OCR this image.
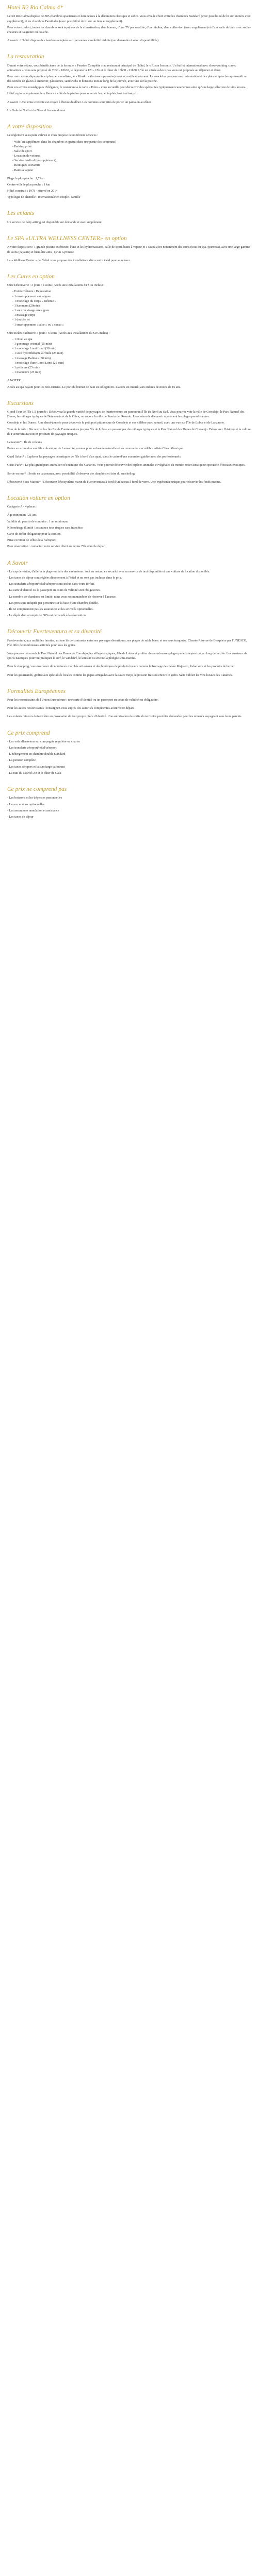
Hotel R2 Rio Calma 4*

Le R2 Rio Calma dispose de 385 chambres spacieuses et lumineuses à la décoration classique et sobre. Vous avez le choix entre les chambres Standard (avec possibilité de lit sur un tiers avec supplément), et les chambres Familiales (avec possibilité de lit sur un tiers et supplément).

Pour votre confort, toutes les chambres sont équipées de la climatisation, d'un bureau, d'une TV par satellite, d'un minibar, d'un coffre-fort (avec supplément) et d'une salle de bain avec sèche-cheveux et baignoire ou douche.

A savoir : L'hôtel dispose de chambres adaptées aux personnes à mobilité réduite (sur demande et selon disponibilités).

La restauration

Durant votre séjour, vous bénéficierez de la formule « Pension Complète » au restaurant principal de l'hôtel, le « Rossa Jensen ». Un buffet international avec show-cooking « avec animations » vous sera proposé de 7h30 - 10h30, le déjeuner à 12h - 15h et le dîner de 18h30 - 21h30. L'île est située à deux pas vous est proposée au déjeuner et dîner.

Pour une cuisine dépaysante et plus personnalisée, le « Kiosko » (boissons payantes) vous accueille également. Le snack-bar propose une restauration et des plats simples les après-midi ou des soirées de glaces à emporter, pâtisseries, sandwichs et boissons tout au long de la journée, avec vue sur la piscine.

Pour vos envies nostalgiques d'élégance, le restaurant à la carte « Eden » vous accueille pour découvrir des spécialités typiquement canariennes ainsi qu'une large sélection de vins locaux.

Hôtel régional également le « Ram » à côté de la piscine pour se servir les petits plats froids à bas prix.

A savoir : Une tenue correcte est exigée à l'heure du dîner. Les hommes sont priés de porter un pantalon au dîner.

Un Gala de Noël et du Nouvel An sera donné.

A votre disposition

Le règlement se rajoute 24h/24 et vous propose de nombreux services :

- Wifi (en supplément dans les chambres et gratuit dans une partie des communs)
- Parking privé
- Salle de sport
- Location de voitures
- Service médical (en supplément)
- Boutiques souvenirs
- Bains à vapeur

Plage la plus proche : 1,7 km

Centre-ville le plus proche : 1 km

Hôtel construit : 1978 - rénové en 2014

Typologie de clientèle : internationale en couple / famille

Les enfants

Un service de baby-sitting est disponible sur demande et avec supplément

Le SPA «ULTRA WELLNESS CENTER» en option

A votre disposition : 1 grande piscine extérieure, l'une et les hydromassants, salle de sport, bains à vapeur et 1 sauna avec notamment des soins (tous du spa Ayurveda), avec une large gamme de soins (payants) et bien-être ainsi, qu'un Gymnase.

La « Wellness Center » de l'hôtel vous propose des installations d'un centre idéal pour se relaxer.

Les Cures en option

Cure Découverte : 3 jours / 4 soins (Accès aux installations du SPA inclus) :

- Entrée Détente / Dégustation
- 1 enveloppement aux algues
- 1 modelage du corps « Détente »
- 1 hammam (20min)
- 1 soin du visage aux algues
- 1 massage corps
- 1 douche jet
- 1 enveloppement « aloe » ou « cacao »

Cure Relax Exclusive: 3 jours / 6 soins (Accès aux installations du SPA inclus) :

- 1 rituel au spa
- 1 gommage oriental (25 min)
- 1 modelage Lomi Lomi (30 min)
- 1 soin hydrothérapie à l'huile (25 min)
- 1 massage Balinais (30 min)
- 1 modelage d'une Lomi Lomi (25 min)
- 1 pédicure (25 min)
- 1 manucure (25 min)

A NOTER :

Accès au spa payant pour les non-curistes. Le port du bonnet de bain est obligatoire. L'accès est interdit aux enfants de moins de 16 ans.

Excursions

Grand Tour de l'île 1/2 journée : Découvrez la grande variété de paysages de Fuerteventura en parcourant l'île du Nord au Sud. Vous pourrez voir la ville de Corralejo, le Parc Naturel des Dunes, les villages typiques de Betancuria et de la Oliva, ou encore la ville de Puerto del Rosario. L'occasion de découvrir également les plages paradisiaques.

Corralejo et les Dunes : Une demi-journée pour découvrir le petit port pittoresque de Corralejo et son célèbre parc naturel, avec une vue sur l'île de Lobos et de Lanzarote.

Tour de la côte : Découvrez la côte Est de Fuerteventura jusqu'à l'île de Lobos, en passant par des villages typiques et le Parc Naturel des Dunes de Corralejo. Découvrez l'histoire et la culture de Fuerteventura tout en profitant de paysages uniques.

Lanzarote* : Ile de volcans

Partez en excursion sur l'île volcanique de Lanzarote, connue pour sa beauté naturelle et les œuvres de son célèbre artiste César Manrique.

Quad Safari* : Explorez les paysages désertiques de l'île à bord d'un quad, dans le cadre d'une excursion guidée avec des professionnels.

Oasis Park* : Le plus grand parc animalier et botanique des Canaries. Vous pourrez découvrir des espèces animales et végétales du monde entier ainsi qu'un spectacle d'oiseaux exotiques.

Sortie en mer* : Sortie en catamaran, avec possibilité d'observer des dauphins et faire du snorkeling.

Découverte Sous-Marine* : Découvrez l'écosystème marin de Fuerteventura à bord d'un bateau à fond de verre. Une expérience unique pour observer les fonds marins.

Location voiture en option

Catégorie A - 4 places :

Âge minimum : 21 ans

Validité du permis de conduire : 1 an minimum

Kilométrage illimité / assurance tous risques sans franchise

Carte de crédit obligatoire pour la caution

Prise et retour de véhicule à l'aéroport

Pour réservation : contactez notre service client au moins 72h avant le départ

A Savoir

- Le cap de visiter, d'aller à la plage ou faire des excursions : tout en restant en sécurité avec un service de taxi disponible et une voiture de location disponible.

- Les taxes de séjour sont réglées directement à l'hôtel et ne sont pas incluses dans le prix.

- Les transferts aéroport/hôtel/aéroport sont inclus dans votre forfait.

- La carte d'identité ou le passeport en cours de validité sont obligatoires.

- Le nombre de chambres est limité, nous vous recommandons de réserver à l'avance.

- Les prix sont indiqués par personne sur la base d'une chambre double.

- Ils ne comprennent pas les assurances et les activités optionnelles.

- Le dépôt d'un acompte de 30% est demandé à la réservation.

Découvrir Fuerteventura et sa diversité

Fuerteventura, aux multiples facettes, est une île de contrastes entre ses paysages désertiques, ses plages de sable blanc et ses eaux turquoise. Classée Réserve de Biosphère par l'UNESCO, l'île offre de nombreuses activités pour tous les goûts.

Vous pourrez découvrir le Parc Naturel des Dunes de Corralejo, les villages typiques, l'île de Lobos et profiter des nombreuses plages paradisiaques tout au long de la côte. Les amateurs de sports nautiques pourront pratiquer le surf, le windsurf, le kitesurf ou encore la plongée sous-marine.

Pour le shopping, vous trouverez de nombreux marchés artisanaux et des boutiques de produits locaux comme le fromage de chèvre Majorero, l'aloe vera et les produits de la mer.

Pour les gourmands, goûtez aux spécialités locales comme les papas arrugadas avec la sauce mojo, le poisson frais ou encore le gofio. Sans oublier les vins locaux des Canaries.

Formalités Européennes

Pour les ressortissants de l'Union Européenne : une carte d'identité ou un passeport en cours de validité est obligatoire.

Pour les autres ressortissants : renseignez-vous auprès des autorités compétentes avant votre départ.

Les enfants mineurs doivent être en possession de leur propre pièce d'identité. Une autorisation de sortie du territoire peut être demandée pour les mineurs voyageant sans leurs parents.

Ce prix comprend

- Les vols aller/retour sur compagnie régulière ou charter

- Les transferts aéroport/hôtel/aéroport

- L'hébergement en chambre double Standard

- La pension complète

- Les taxes aéroport et la surcharge carburant

- La nuit du Nouvel An et le dîner de Gala

Ce prix ne comprend pas

- Les boissons et les dépenses personnelles

- Les excursions optionnelles

- Les assurances annulation et assistance

- Les taxes de séjour
